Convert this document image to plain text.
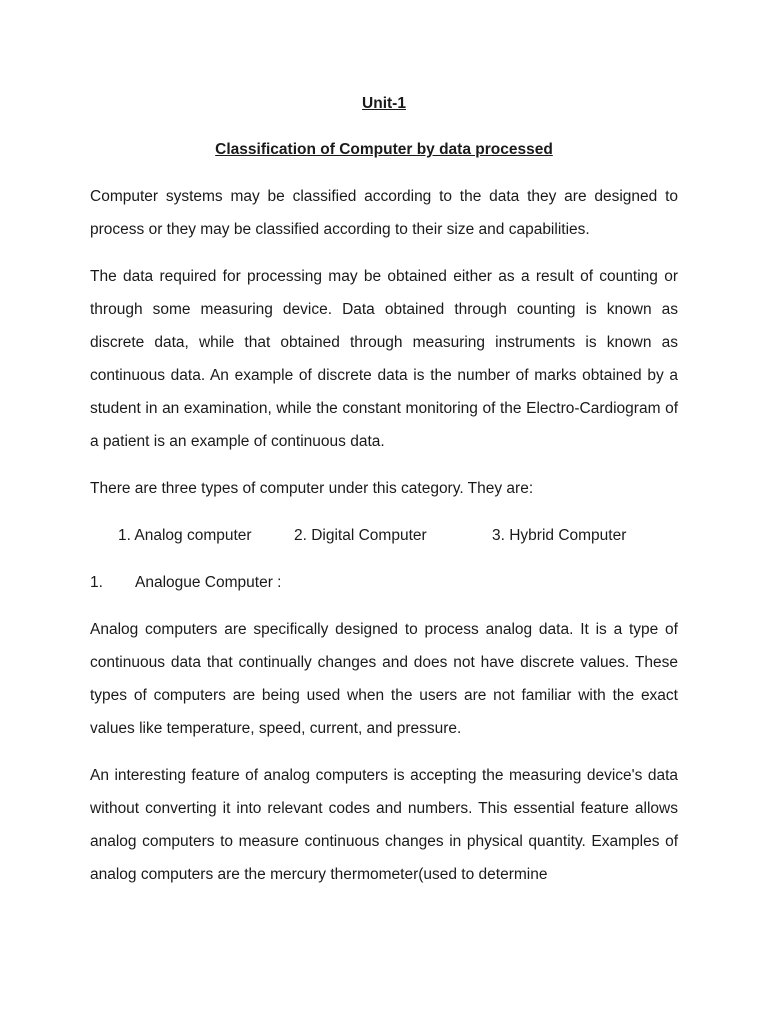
Unit-1
Classification of Computer by data processed

Computer systems may be classified according to the data they are designed to process or they may be classified according to their size and capabilities.

The data required for processing may be obtained either as a result of counting or through some measuring device. Data obtained through counting is known as discrete data, while that obtained through measuring instruments is known as continuous data. An example of discrete data is the number of marks obtained by a student in an examination, while the constant monitoring of the Electro-Cardiogram of a patient is an example of continuous data.

There are three types of computer under this category. They are:

1. Analog computer	2. Digital Computer	3. Hybrid Computer
1. Analogue Computer :

Analog computers are specifically designed to process analog data. It is a type of continuous data that continually changes and does not have discrete values. These types of computers are being used when the users are not familiar with the exact values like temperature, speed, current, and pressure.

An interesting feature of analog computers is accepting the measuring device's data without converting it into relevant codes and numbers. This essential feature allows analog computers to measure continuous changes in physical quantity. Examples of analog computers are the mercury thermometer(used to determine
